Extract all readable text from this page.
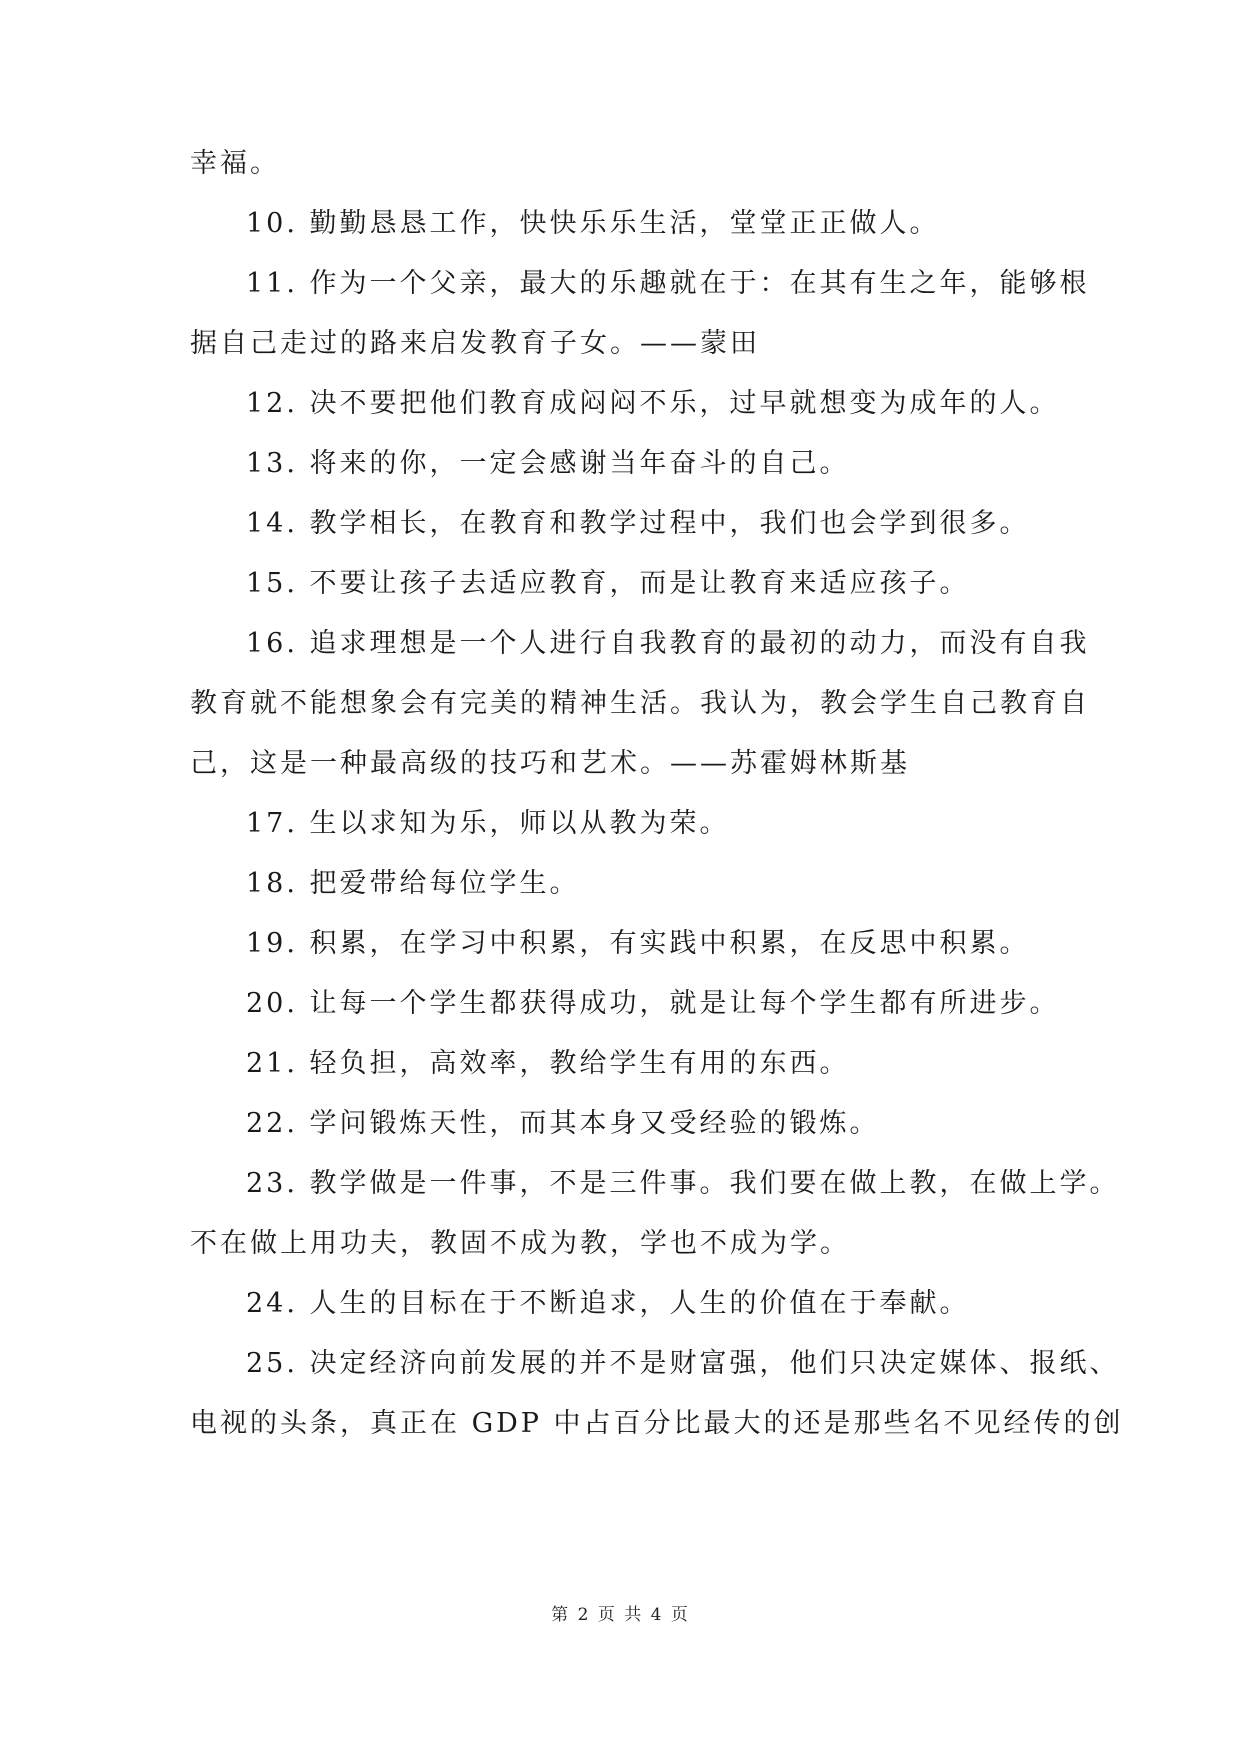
幸福。
10. 勤勤恳恳工作，快快乐乐生活，堂堂正正做人。
11. 作为一个父亲，最大的乐趣就在于：在其有生之年，能够根
据自己走过的路来启发教育子女。——蒙田
12. 决不要把他们教育成闷闷不乐，过早就想变为成年的人。
13. 将来的你，一定会感谢当年奋斗的自己。
14. 教学相长，在教育和教学过程中，我们也会学到很多。
15. 不要让孩子去适应教育，而是让教育来适应孩子。
16. 追求理想是一个人进行自我教育的最初的动力，而没有自我
教育就不能想象会有完美的精神生活。我认为，教会学生自己教育自
己，这是一种最高级的技巧和艺术。——苏霍姆林斯基
17. 生以求知为乐，师以从教为荣。
18. 把爱带给每位学生。
19. 积累，在学习中积累，有实践中积累，在反思中积累。
20. 让每一个学生都获得成功，就是让每个学生都有所进步。
21. 轻负担，高效率，教给学生有用的东西。
22. 学问锻炼天性，而其本身又受经验的锻炼。
23. 教学做是一件事，不是三件事。我们要在做上教，在做上学。
不在做上用功夫，教固不成为教，学也不成为学。
24. 人生的目标在于不断追求，人生的价值在于奉献。
25. 决定经济向前发展的并不是财富强，他们只决定媒体、报纸、
电视的头条，真正在 GDP 中占百分比最大的还是那些名不见经传的创
第 2 页 共 4 页
